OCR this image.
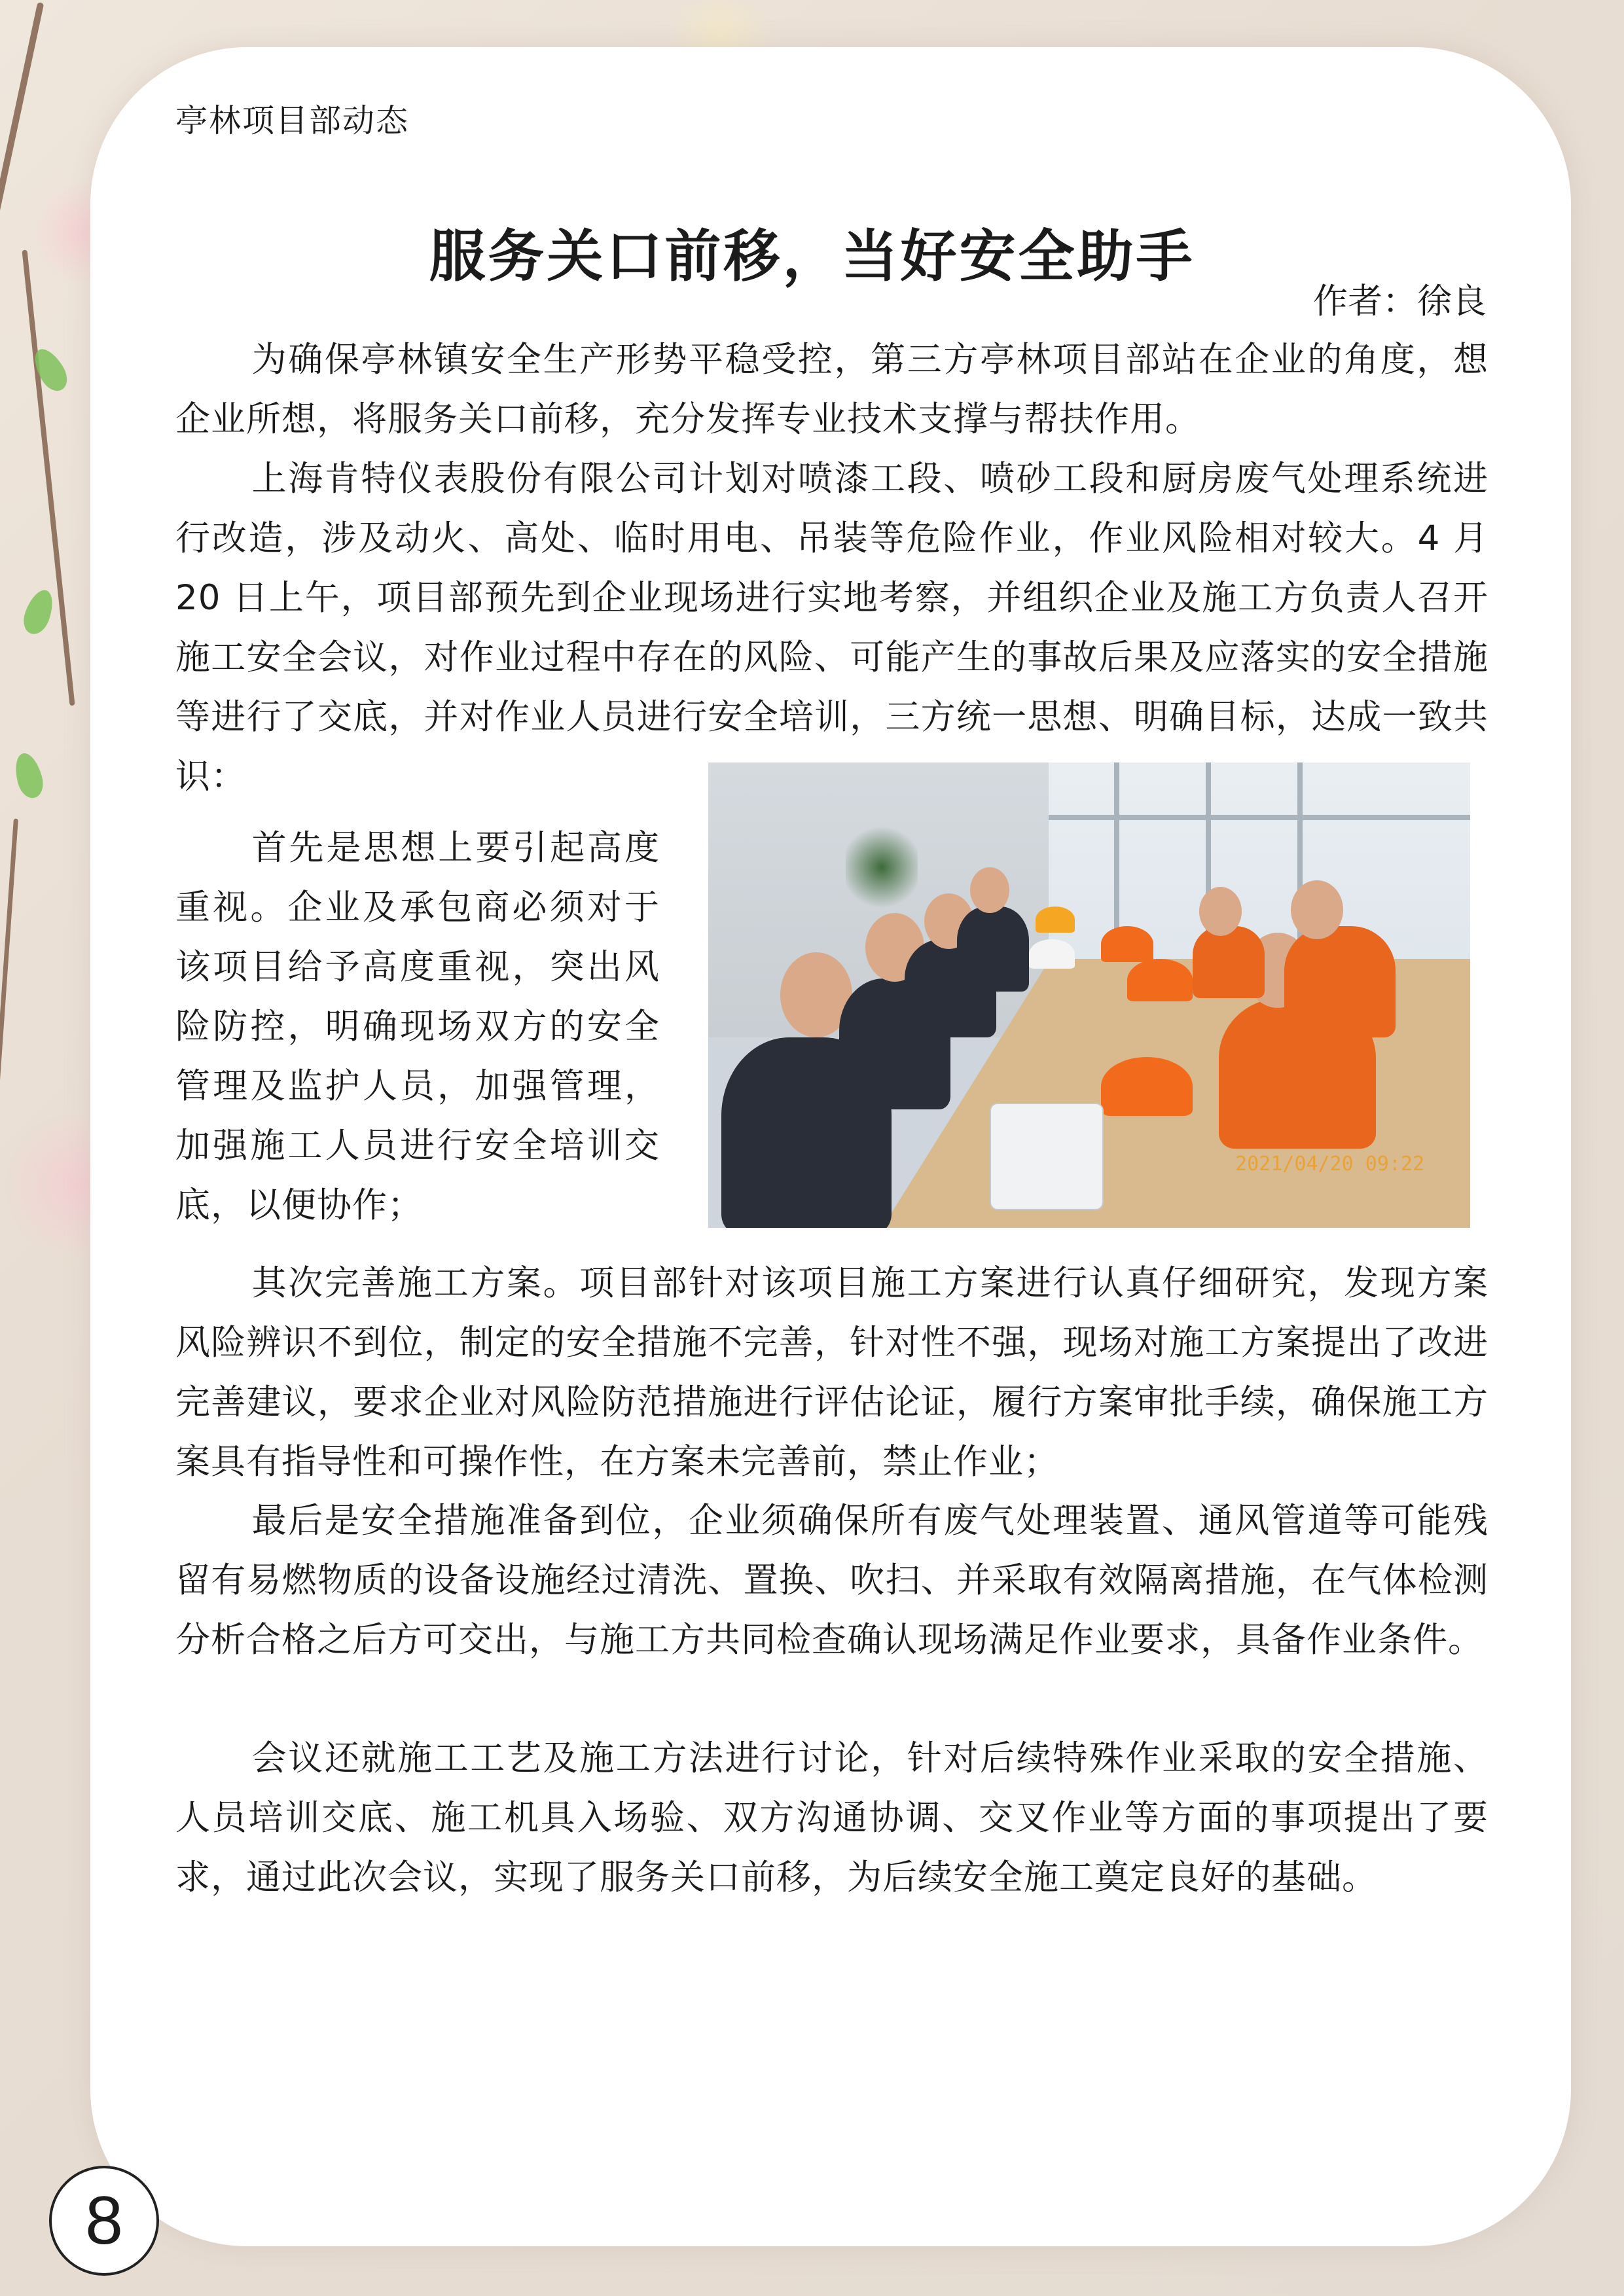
亭林项目部动态
服务关口前移，当好安全助手
作者：徐良

为确保亭林镇安全生产形势平稳受控，第三方亭林项目部站在企业的角度，想企业所想，将服务关口前移，充分发挥专业技术支撑与帮扶作用。

上海肯特仪表股份有限公司计划对喷漆工段、喷砂工段和厨房废气处理系统进行改造，涉及动火、高处、临时用电、吊装等危险作业，作业风险相对较大。4 月 20 日上午，项目部预先到企业现场进行实地考察，并组织企业及施工方负责人召开施工安全会议，对作业过程中存在的风险、可能产生的事故后果及应落实的安全措施等进行了交底，并对作业人员进行安全培训，三方统一思想、明确目标，达成一致共识：

首先是思想上要引起高度重视。企业及承包商必须对于该项目给予高度重视，突出风险防控，明确现场双方的安全管理及监护人员，加强管理，加强施工人员进行安全培训交底，以便协作；

2021/04/20 09:22

其次完善施工方案。项目部针对该项目施工方案进行认真仔细研究，发现方案风险辨识不到位，制定的安全措施不完善，针对性不强，现场对施工方案提出了改进完善建议，要求企业对风险防范措施进行评估论证，履行方案审批手续，确保施工方案具有指导性和可操作性，在方案未完善前，禁止作业；

最后是安全措施准备到位，企业须确保所有废气处理装置、通风管道等可能残留有易燃物质的设备设施经过清洗、置换、吹扫、并采取有效隔离措施，在气体检测分析合格之后方可交出，与施工方共同检查确认现场满足作业要求，具备作业条件。

会议还就施工工艺及施工方法进行讨论，针对后续特殊作业采取的安全措施、人员培训交底、施工机具入场验、双方沟通协调、交叉作业等方面的事项提出了要求，通过此次会议，实现了服务关口前移，为后续安全施工奠定良好的基础。

8
